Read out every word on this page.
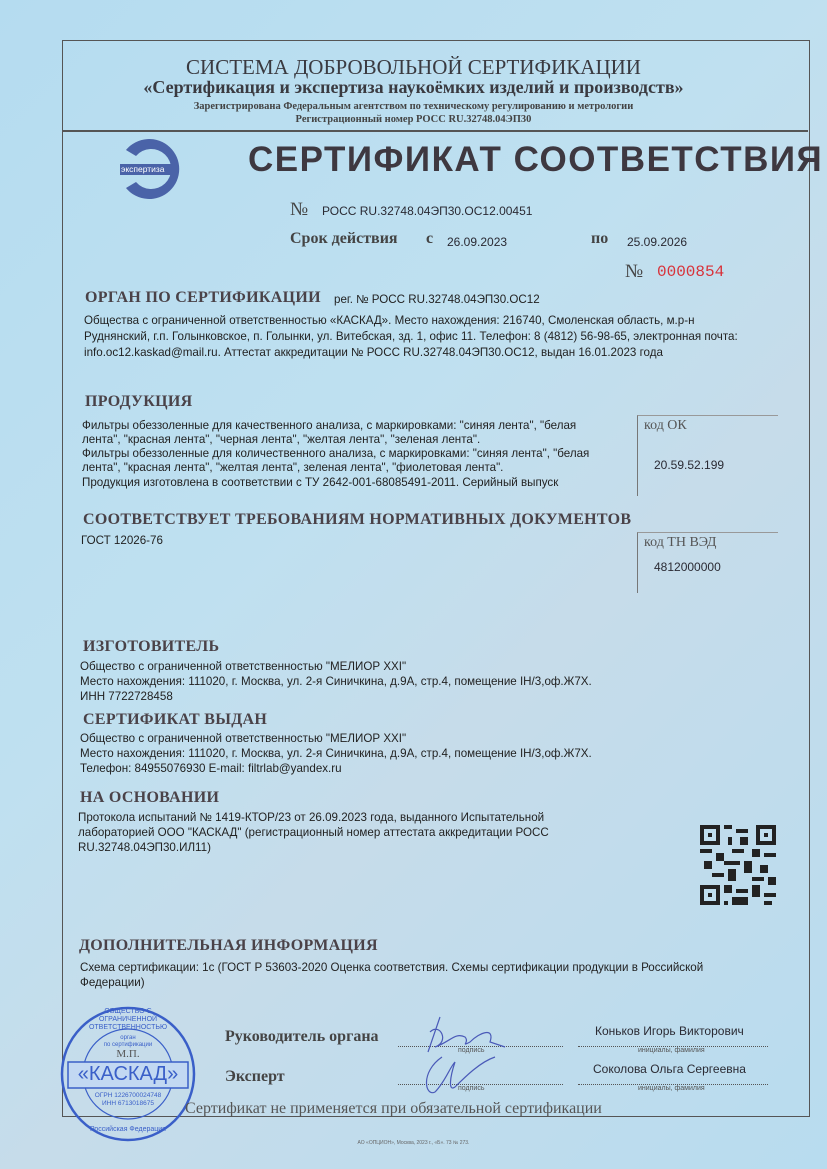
СИСТЕМА ДОБРОВОЛЬНОЙ СЕРТИФИКАЦИИ
«Сертификация и экспертиза наукоёмких изделий и производств»
Зарегистрирована Федеральным агентством по техническому регулированию и метрологии
Регистрационный номер РОСС RU.32748.04ЭП30
экспертиза СЕРТИФИКАТ СООТВЕТСТВИЯ
№ РОСС RU.32748.04ЭП30.ОС12.00451
Срок действия с 26.09.2023	по 25.09.2026
№ 0000854
ОРГАН ПО СЕРТИФИКАЦИИ рег. № РОСС RU.32748.04ЭП30.ОС12
Общества с ограниченной ответственностью «КАСКАД». Место нахождения: 216740, Смоленская область, м.р-н
Руднянский, г.п. Голынковское, п. Голынки, ул. Витебская, зд. 1, офис 11. Телефон: 8 (4812) 56-98-65, электронная почта:
info.oc12.kaskad@mail.ru. Аттестат аккредитации № РОСС RU.32748.04ЭП30.ОС12, выдан 16.01.2023 года
ПРОДУКЦИЯ
Фильтры обеззоленные для качественного анализа, с маркировками: "синяя лента", "белая
лента", "красная лента", "черная лента", "желтая лента", "зеленая лента".
Фильтры обеззоленные для количественного анализа, с маркировками: "синяя лента", "белая
лента", "красная лента", "желтая лента", зеленая лента", "фиолетовая лента".
Продукция изготовлена в соответствии с ТУ 2642-001-68085491-2011. Серийный выпуск
код ОК
20.59.52.199
СООТВЕТСТВУЕТ ТРЕБОВАНИЯМ НОРМАТИВНЫХ ДОКУМЕНТОВ
ГОСТ 12026-76	код ТН ВЭД
4812000000
ИЗГОТОВИТЕЛЬ
Общество с ограниченной ответственностью "МЕЛИОР XXI"
Место нахождения: 111020, г. Москва, ул. 2-я Синичкина, д.9А, стр.4, помещение IH/3,оф.Ж7Х.
ИНН 7722728458
СЕРТИФИКАТ ВЫДАН
Общество с ограниченной ответственностью "МЕЛИОР XXI"
Место нахождения: 111020, г. Москва, ул. 2-я Синичкина, д.9А, стр.4, помещение IH/3,оф.Ж7Х.
Телефон: 84955076930 E-mail: filtrlab@yandex.ru
НА ОСНОВАНИИ
Протокола испытаний № 1419-КТОР/23 от 26.09.2023 года, выданного Испытательной
лабораторией ООО "КАСКАД" (регистрационный номер аттестата аккредитации РОСС
RU.32748.04ЭП30.ИЛ11)
ДОПОЛНИТЕЛЬНАЯ ИНФОРМАЦИЯ
Схема сертификации: 1с (ГОСТ Р 53603-2020 Оценка соответствия. Схемы сертификации продукции в Российской
Федерации)
Руководитель органа
подпись
Коньков Игорь Викторович
инициалы, фамилия
Эксперт
подпись
Соколова Ольга Сергеевна
инициалы, фамилия
ОБЩЕСТВО С ОГРАНИЧЕННОЙ ОТВЕТСТВЕННОСТЬЮ
орган
по сертификации
М.П.
«КАСКАД»
ОГРН 1226700024748
ИНН 6713018675
Российская Федерация
Сертификат не применяется при обязательной сертификации
АО «ОПЦИОН», Москва, 2023 г., «Б». 73 № 273.
